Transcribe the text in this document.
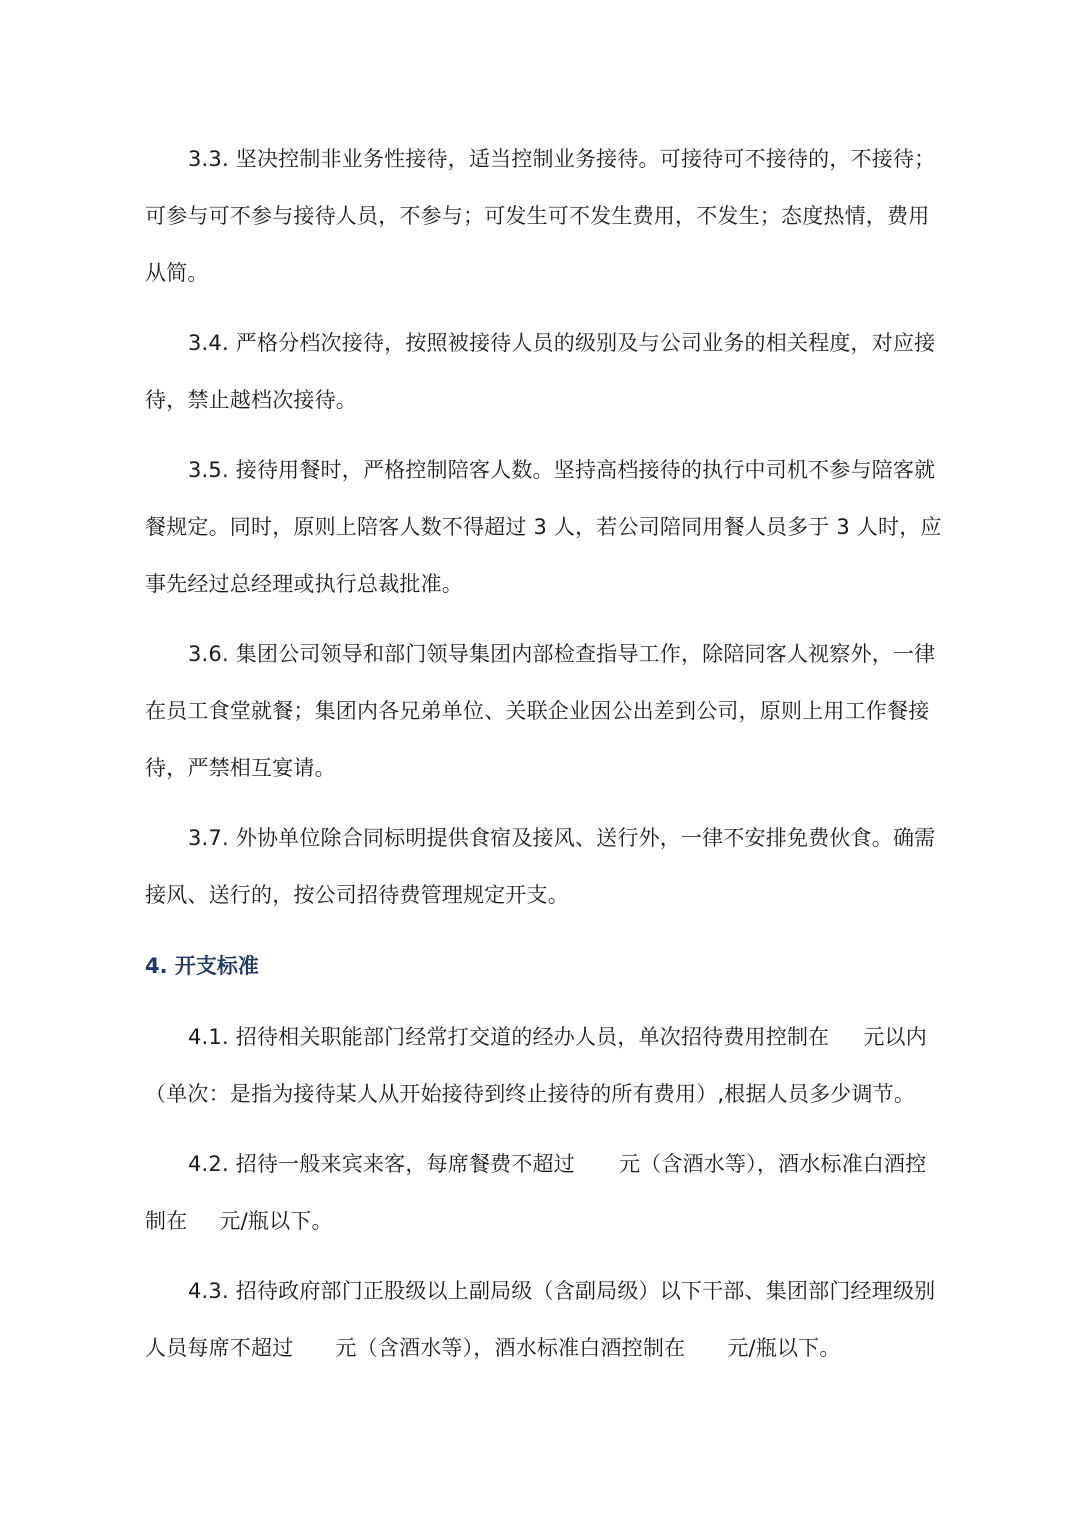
3.3. 坚决控制非业务性接待，适当控制业务接待。可接待可不接待的，不接待；
可参与可不参与接待人员，不参与；可发生可不发生费用，不发生；态度热情，费用
从简。
3.4. 严格分档次接待，按照被接待人员的级别及与公司业务的相关程度，对应接
待，禁止越档次接待。
3.5. 接待用餐时，严格控制陪客人数。坚持高档接待的执行中司机不参与陪客就
餐规定。同时，原则上陪客人数不得超过 3 人，若公司陪同用餐人员多于 3 人时，应
事先经过总经理或执行总裁批准。
3.6. 集团公司领导和部门领导集团内部检查指导工作，除陪同客人视察外，一律
在员工食堂就餐；集团内各兄弟单位、关联企业因公出差到公司，原则上用工作餐接
待，严禁相互宴请。
3.7. 外协单位除合同标明提供食宿及接风、送行外，一律不安排免费伙食。确需
接风、送行的，按公司招待费管理规定开支。
4. 开支标准
4.1. 招待相关职能部门经常打交道的经办人员，单次招待费用控制在 元以内
（单次：是指为接待某人从开始接待到终止接待的所有费用）,根据人员多少调节。
4.2. 招待一般来宾来客，每席餐费不超过 元（含酒水等），酒水标准白酒控
制在 元/瓶以下。
4.3. 招待政府部门正股级以上副局级（含副局级）以下干部、集团部门经理级别
人员每席不超过 元（含酒水等），酒水标准白酒控制在 元/瓶以下。
